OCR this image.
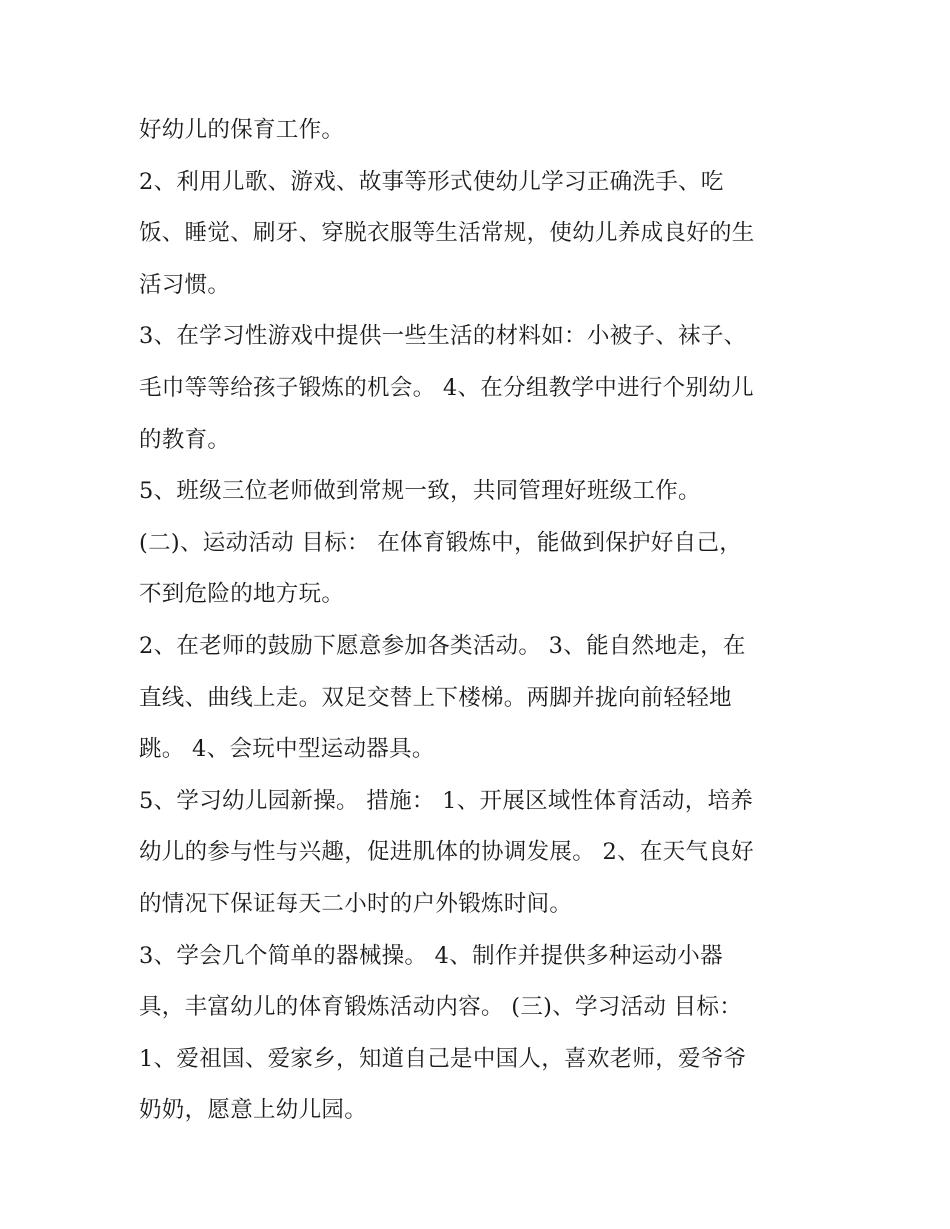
好幼儿的保育工作。
2、利用儿歌、游戏、故事等形式使幼儿学习正确洗手、吃
饭、睡觉、刷牙、穿脱衣服等生活常规，使幼儿养成良好的生
活习惯。
3、在学习性游戏中提供一些生活的材料如：小被子、袜子、
毛巾等等给孩子锻炼的机会。 4、在分组教学中进行个别幼儿
的教育。
5、班级三位老师做到常规一致，共同管理好班级工作。
(二)、运动活动 目标： 在体育锻炼中，能做到保护好自己，
不到危险的地方玩。
2、在老师的鼓励下愿意参加各类活动。 3、能自然地走，在
直线、曲线上走。双足交替上下楼梯。两脚并拢向前轻轻地
跳。 4、会玩中型运动器具。
5、学习幼儿园新操。 措施： 1、开展区域性体育活动，培养
幼儿的参与性与兴趣，促进肌体的协调发展。 2、在天气良好
的情况下保证每天二小时的户外锻炼时间。
3、学会几个简单的器械操。 4、制作并提供多种运动小器
具，丰富幼儿的体育锻炼活动内容。 (三)、学习活动 目标：
1、爱祖国、爱家乡，知道自己是中国人，喜欢老师，爱爷爷
奶奶，愿意上幼儿园。
